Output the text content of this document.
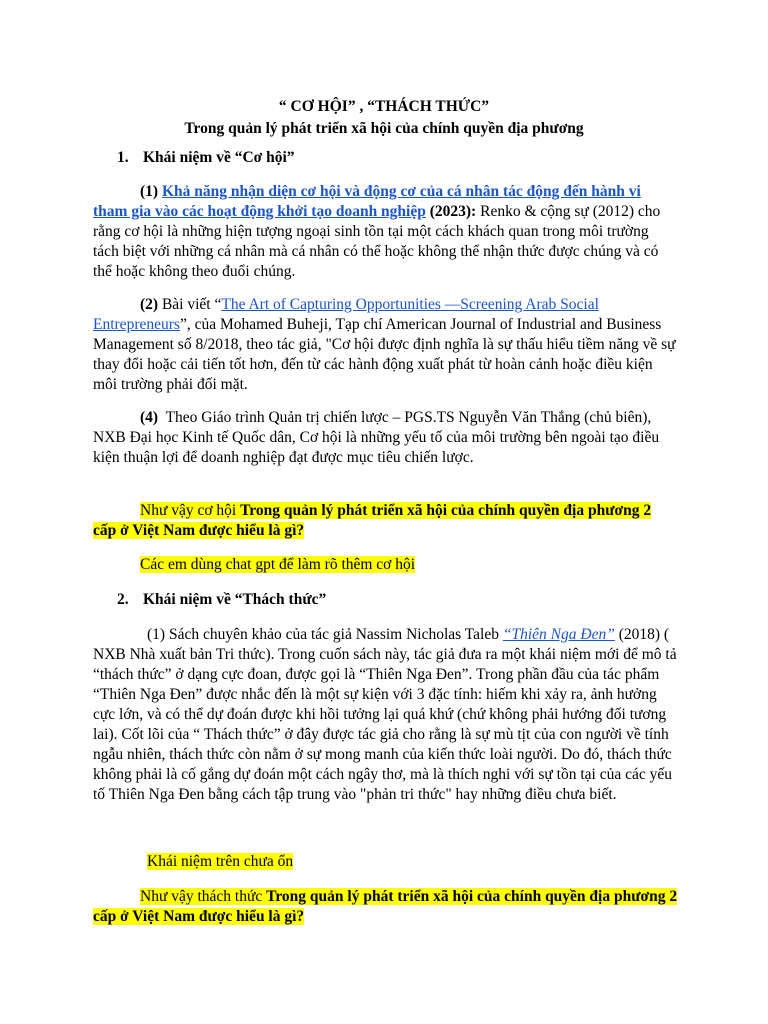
“ CƠ HỘI” , “THÁCH THỨC”
Trong quản lý phát triển xã hội của chính quyền địa phương
1. Khái niệm về “Cơ hội”
(1) Khả năng nhận diện cơ hội và động cơ của cá nhân tác động đến hành vi tham gia vào các hoạt động khởi tạo doanh nghiệp (2023): Renko & cộng sự (2012) cho rằng cơ hội là những hiện tượng ngoại sinh tồn tại một cách khách quan trong môi trường tách biệt với những cá nhân mà cá nhân có thể hoặc không thể nhận thức được chúng và có thể hoặc không theo đuổi chúng.
(2) Bài viết “The Art of Capturing Opportunities —Screening Arab Social Entrepreneurs”, của Mohamed Buheji, Tạp chí American Journal of Industrial and Business Management số 8/2018, theo tác giả, "Cơ hội được định nghĩa là sự thấu hiểu tiềm năng về sự thay đổi hoặc cải tiến tốt hơn, đến từ các hành động xuất phát từ hoàn cảnh hoặc điều kiện môi trường phải đối mặt.
(4) Theo Giáo trình Quản trị chiến lược – PGS.TS Nguyễn Văn Thắng (chủ biên), NXB Đại học Kinh tế Quốc dân, Cơ hội là những yếu tố của môi trường bên ngoài tạo điều kiện thuận lợi để doanh nghiệp đạt được mục tiêu chiến lược.
Như vậy cơ hội Trong quản lý phát triển xã hội của chính quyền địa phương 2 cấp ở Việt Nam được hiểu là gì?
Các em dùng chat gpt để làm rõ thêm cơ hội
2. Khái niệm về “Thách thức”
(1) Sách chuyên khảo của tác giả Nassim Nicholas Taleb “Thiên Nga Đen” (2018) ( NXB Nhà xuất bản Tri thức). Trong cuốn sách này, tác giả đưa ra một khái niệm mới để mô tả “thách thức” ở dạng cực đoan, được gọi là “Thiên Nga Đen”. Trong phần đầu của tác phẩm “Thiên Nga Đen” được nhắc đến là một sự kiện với 3 đặc tính: hiếm khi xảy ra, ảnh hưởng cực lớn, và có thể dự đoán được khi hồi tưởng lại quá khứ (chứ không phải hướng đối tương lai). Cốt lõi của “ Thách thức” ở đây được tác giả cho rằng là sự mù tịt của con người về tính ngẫu nhiên, thách thức còn nằm ở sự mong manh của kiến thức loài người. Do đó, thách thức không phải là cố gắng dự đoán một cách ngây thơ, mà là thích nghi với sự tồn tại của các yếu tố Thiên Nga Đen bằng cách tập trung vào "phản tri thức" hay những điều chưa biết.
Khái niệm trên chưa ổn
Như vậy thách thức Trong quản lý phát triển xã hội của chính quyền địa phương 2 cấp ở Việt Nam được hiểu là gì?
